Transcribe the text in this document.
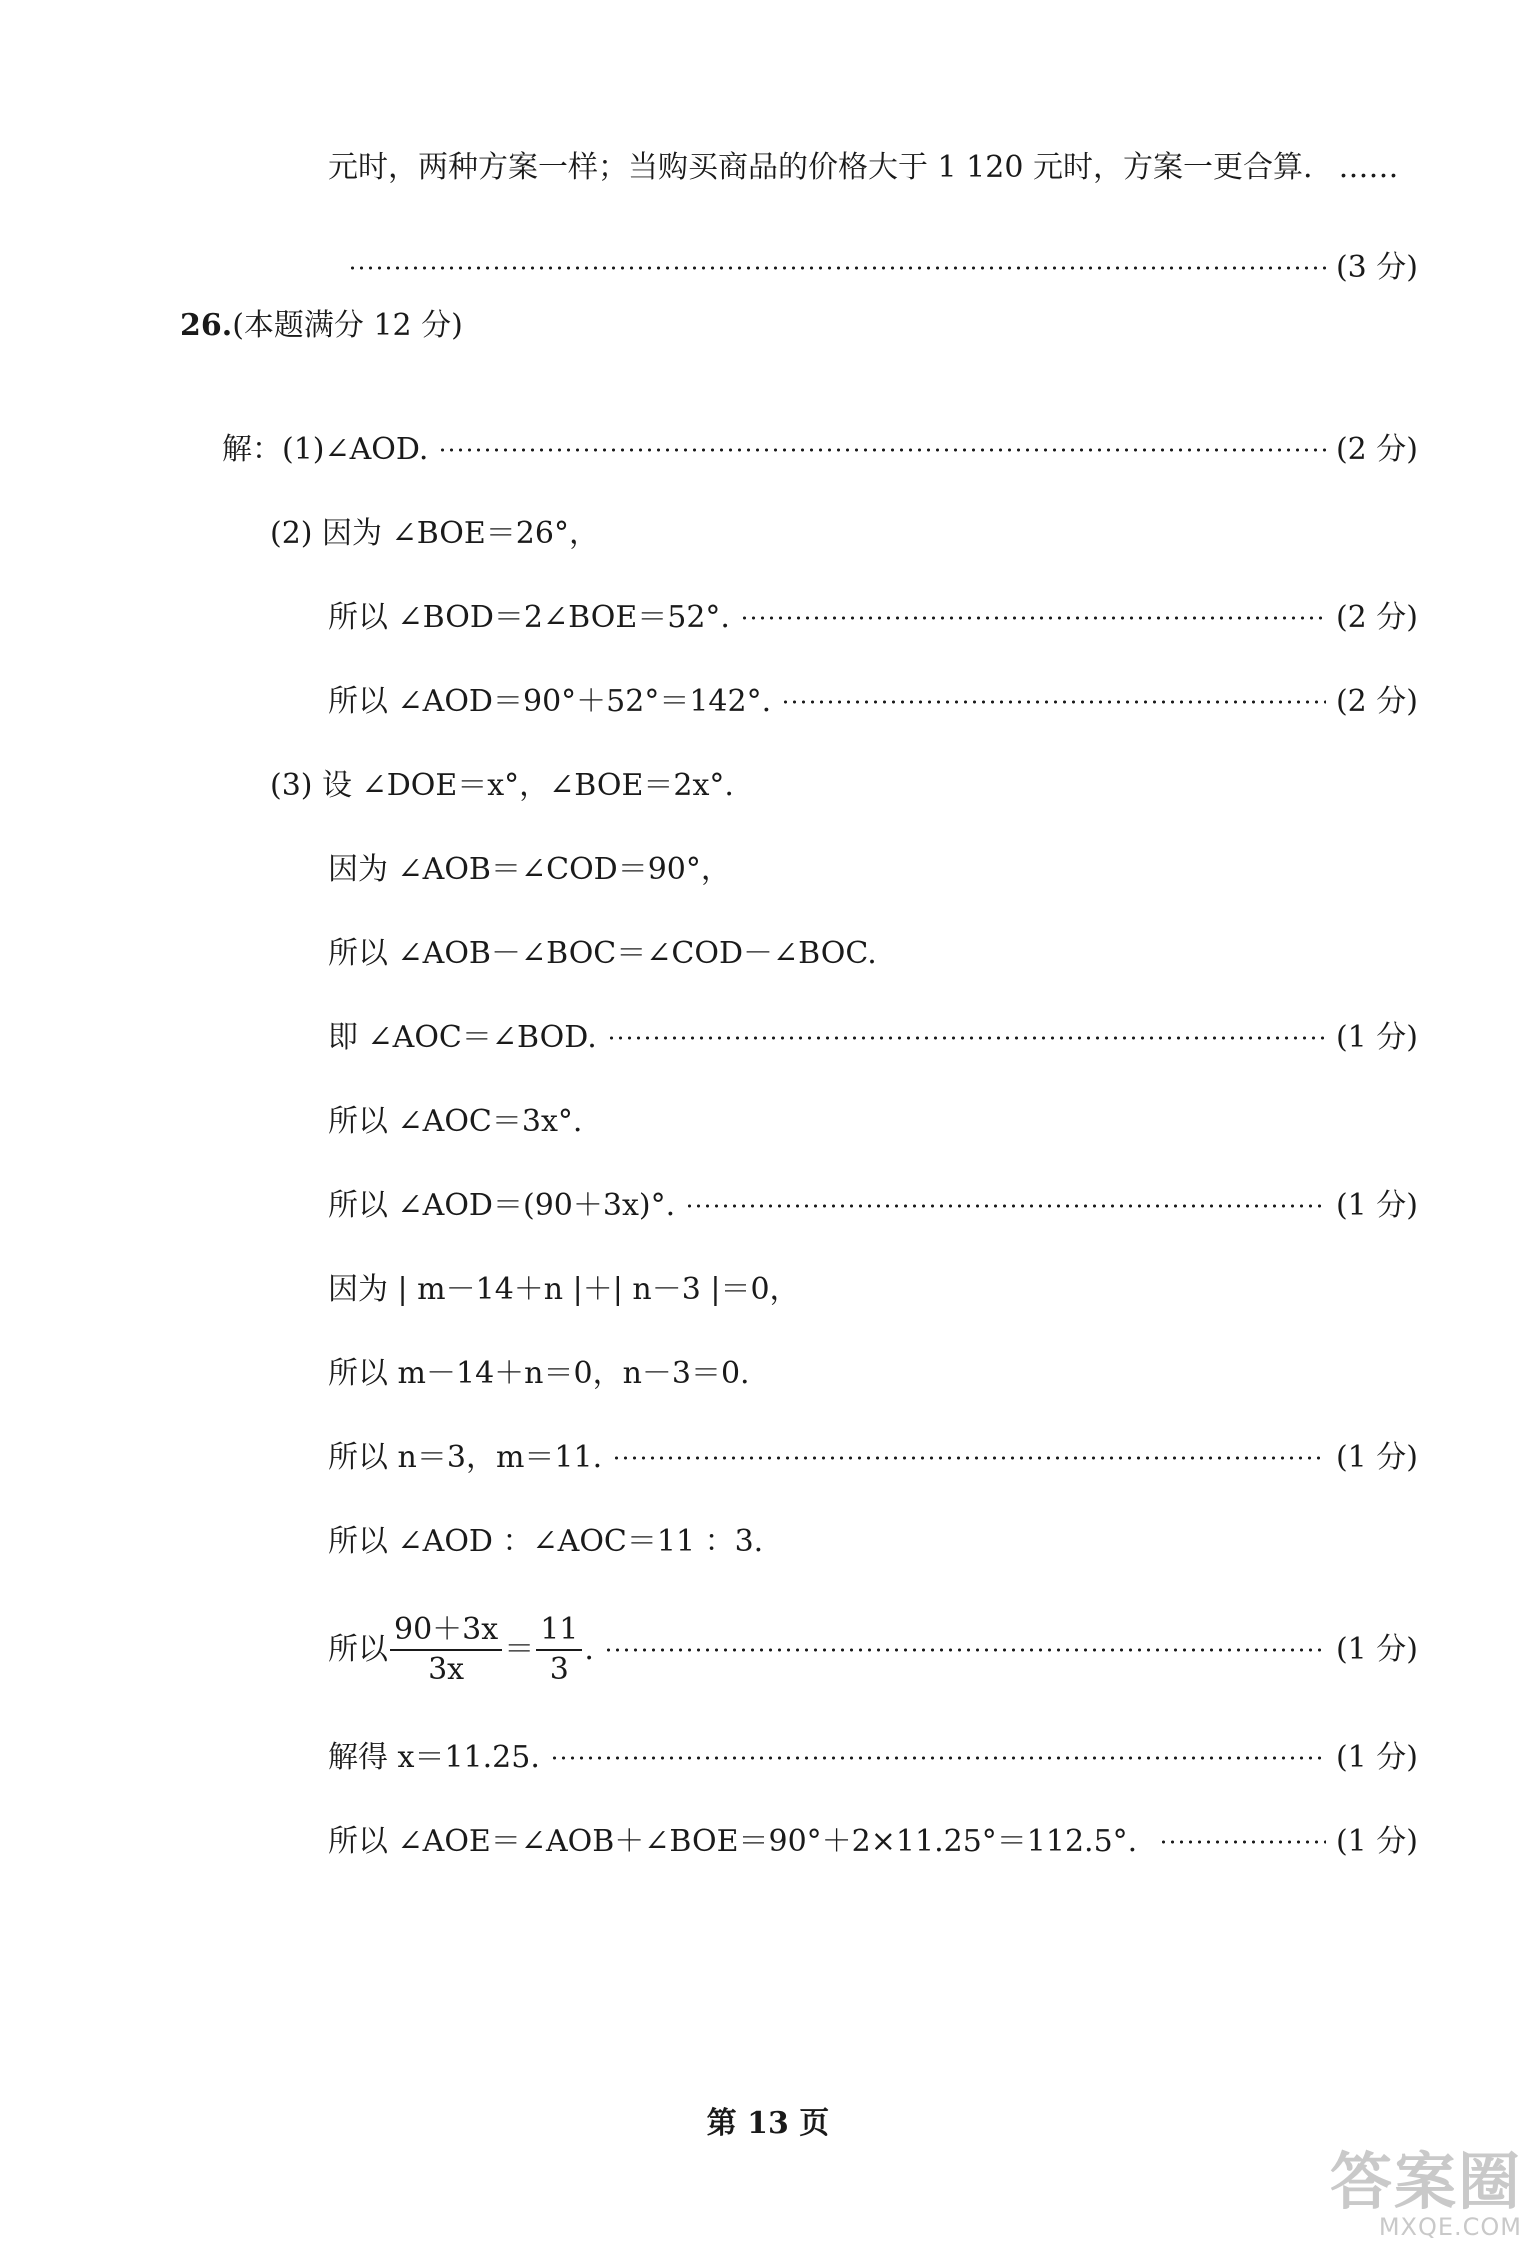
元时，两种方案一样；当购买商品的价格大于 1 120 元时，方案一更合算. ……
(3 分)
26. (本题满分 12 分)
解：(1)∠AOD.	(2 分)
(2) 因为 ∠BOE＝26°，
所以 ∠BOD＝2∠BOE＝52°.	(2 分)
所以 ∠AOD＝90°＋52°＝142°.	(2 分)
(3) 设 ∠DOE＝x°，∠BOE＝2x°.
因为 ∠AOB＝∠COD＝90°，
所以 ∠AOB－∠BOC＝∠COD－∠BOC.
即 ∠AOC＝∠BOD.	(1 分)
所以 ∠AOC＝3x°.
所以 ∠AOD＝(90＋3x)°.	(1 分)
因为 | m－14＋n |＋| n－3 |＝0，
所以 m－14＋n＝0，n－3＝0.
所以 n＝3，m＝11.	(1 分)
所以 ∠AOD ：∠AOC＝11 ：3.
所以 $\frac{90+3x}{3x} = \frac{11}{3}$ .	(1 分)
解得 x＝11.25.	(1 分)
所以 ∠AOE＝∠AOB＋∠BOE＝90°＋2×11.25°＝112.5°.	(1 分)
第 13 页
答案圈
MXQE.COM
